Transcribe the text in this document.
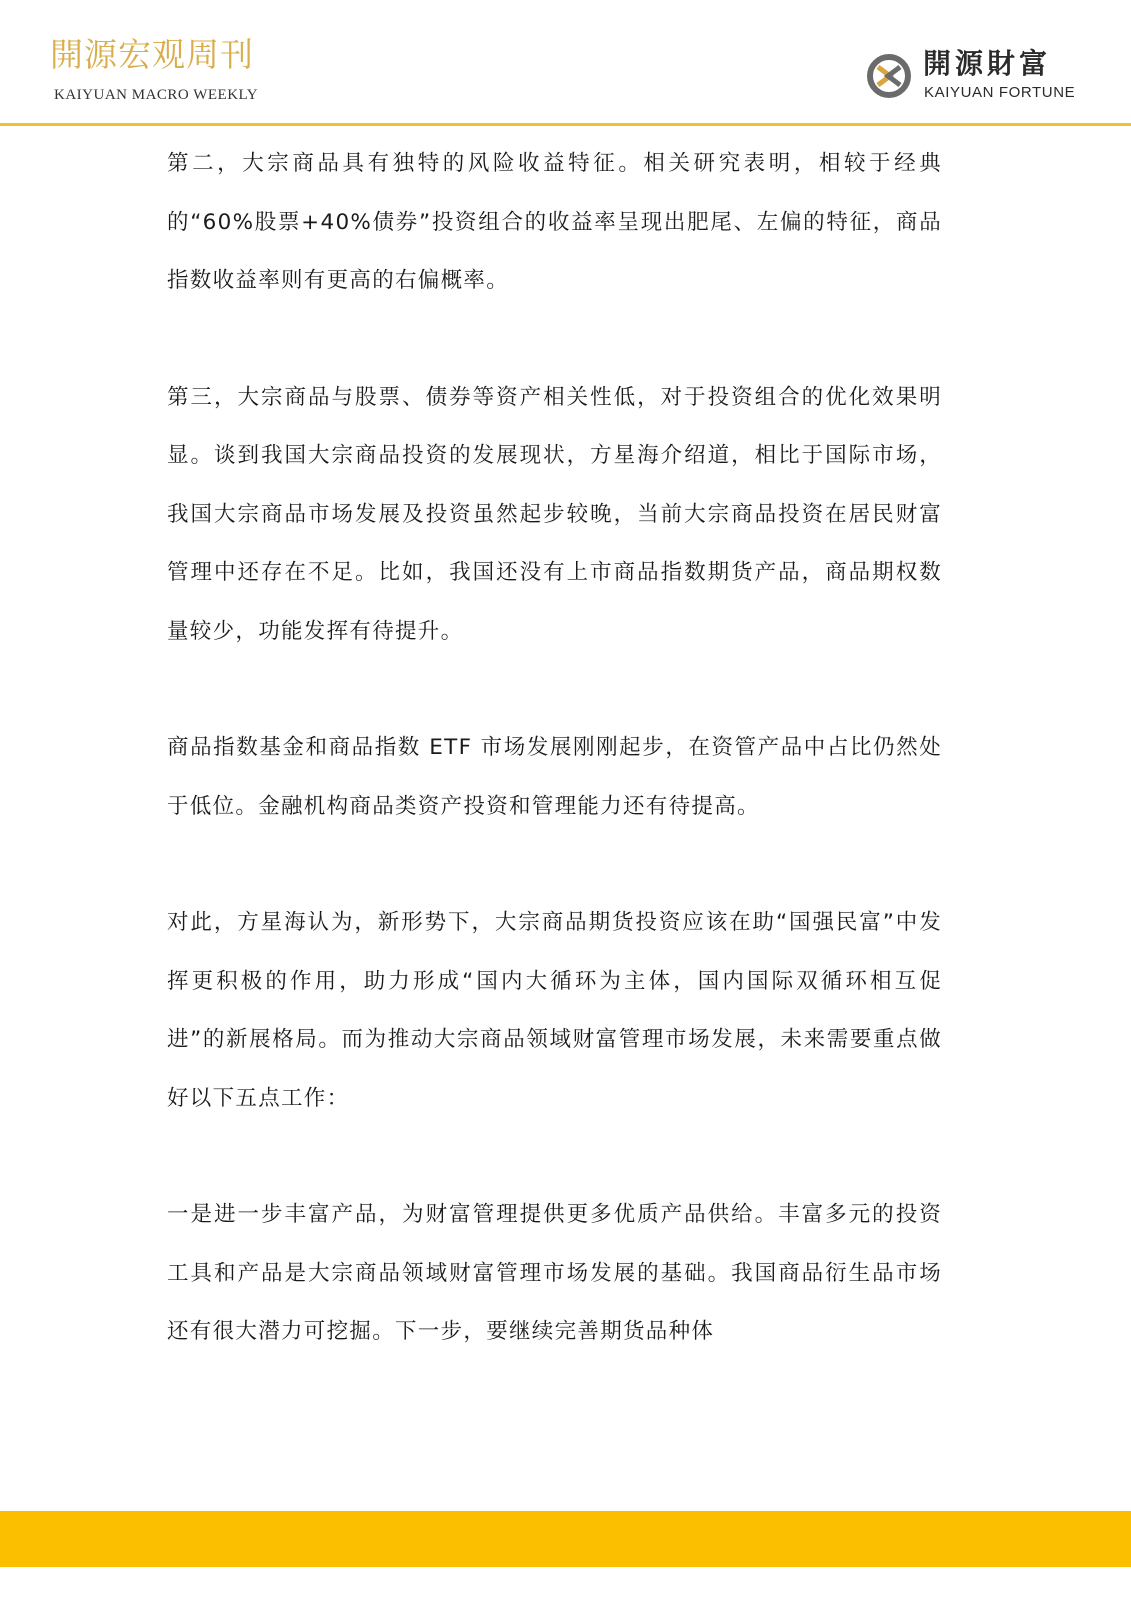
開源宏观周刊
KAIYUAN MACRO WEEKLY
開源財富
KAIYUAN FORTUNE

第二，大宗商品具有独特的风险收益特征。相关研究表明，相较于经典的“60%股票+40%债券”投资组合的收益率呈现出肥尾、左偏的特征，商品指数收益率则有更高的右偏概率。

第三，大宗商品与股票、债券等资产相关性低，对于投资组合的优化效果明显。谈到我国大宗商品投资的发展现状，方星海介绍道，相比于国际市场，我国大宗商品市场发展及投资虽然起步较晚，当前大宗商品投资在居民财富管理中还存在不足。比如，我国还没有上市商品指数期货产品，商品期权数量较少，功能发挥有待提升。

商品指数基金和商品指数 ETF 市场发展刚刚起步，在资管产品中占比仍然处于低位。金融机构商品类资产投资和管理能力还有待提高。

对此，方星海认为，新形势下，大宗商品期货投资应该在助“国强民富”中发挥更积极的作用，助力形成“国内大循环为主体，国内国际双循环相互促进”的新展格局。而为推动大宗商品领域财富管理市场发展，未来需要重点做好以下五点工作：

一是进一步丰富产品，为财富管理提供更多优质产品供给。丰富多元的投资工具和产品是大宗商品领域财富管理市场发展的基础。我国商品衍生品市场还有很大潜力可挖掘。下一步，要继续完善期货品种体
